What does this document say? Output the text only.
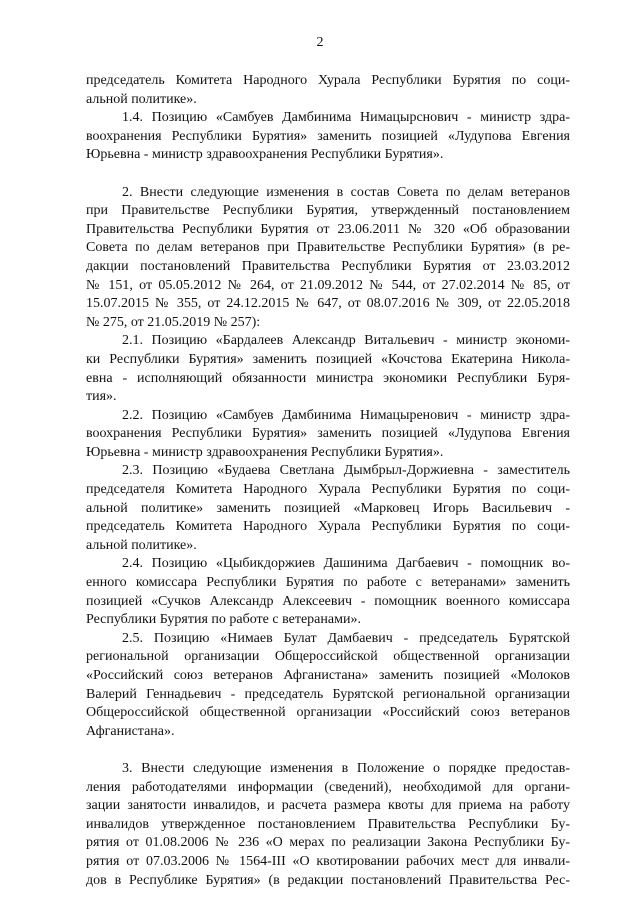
2
председатель Комитета Народного Хурала Республики Бурятия по соци-
альной политике».
1.4. Позицию «Самбуев Дамбинима Нимацырснович - министр здра-
воохранения Республики Бурятия» заменить позицией «Лудупова Евгения
Юрьевна - министр здравоохранения Республики Бурятия».
2. Внести следующие изменения в состав Совета по делам ветеранов
при Правительстве Республики Бурятия, утвержденный постановлением
Правительства Республики Бурятия от 23.06.2011 № 320 «Об образовании
Совета по делам ветеранов при Правительстве Республики Бурятия» (в ре-
дакции постановлений Правительства Республики Бурятия от 23.03.2012
№ 151, от 05.05.2012 № 264, от 21.09.2012 № 544, от 27.02.2014 № 85, от
15.07.2015 № 355, от 24.12.2015 № 647, от 08.07.2016 № 309, от 22.05.2018
№ 275, от 21.05.2019 № 257):
2.1. Позицию «Бардалеев Александр Витальевич - министр экономи-
ки Республики Бурятия» заменить позицией «Кочстова Екатерина Никола-
евна - исполняющий обязанности министра экономики Республики Буря-
тия».
2.2. Позицию «Самбуев Дамбинима Нимацыренович - министр здра-
воохранения Республики Бурятия» заменить позицией «Лудупова Евгения
Юрьевна - министр здравоохранения Республики Бурятия».
2.3. Позицию «Будаева Светлана Дымбрыл-Доржиевна - заместитель
председателя Комитета Народного Хурала Республики Бурятия по соци-
альной политике» заменить позицией «Марковец Игорь Васильевич -
председатель Комитета Народного Хурала Республики Бурятия по соци-
альной политике».
2.4. Позицию «Цыбикдоржиев Дашинима Дагбаевич - помощник во-
енного комиссара Республики Бурятия по работе с ветеранами» заменить
позицией «Сучков Александр Алексеевич - помощник военного комиссара
Республики Бурятия по работе с ветеранами».
2.5. Позицию «Нимаев Булат Дамбаевич - председатель Бурятской
региональной организации Общероссийской общественной организации
«Российский союз ветеранов Афганистана» заменить позицией «Молоков
Валерий Геннадьевич - председатель Бурятской региональной организации
Общероссийской общественной организации «Российский союз ветеранов
Афганистана».
3. Внести следующие изменения в Положение о порядке предостав-
ления работодателями информации (сведений), необходимой для органи-
зации занятости инвалидов, и расчета размера квоты для приема на работу
инвалидов утвержденное постановлением Правительства Республики Бу-
рятия от 01.08.2006 № 236 «О мерах по реализации Закона Республики Бу-
рятия от 07.03.2006 № 1564-III «О квотировании рабочих мест для инвали-
дов в Республике Бурятия» (в редакции постановлений Правительства Рес-
